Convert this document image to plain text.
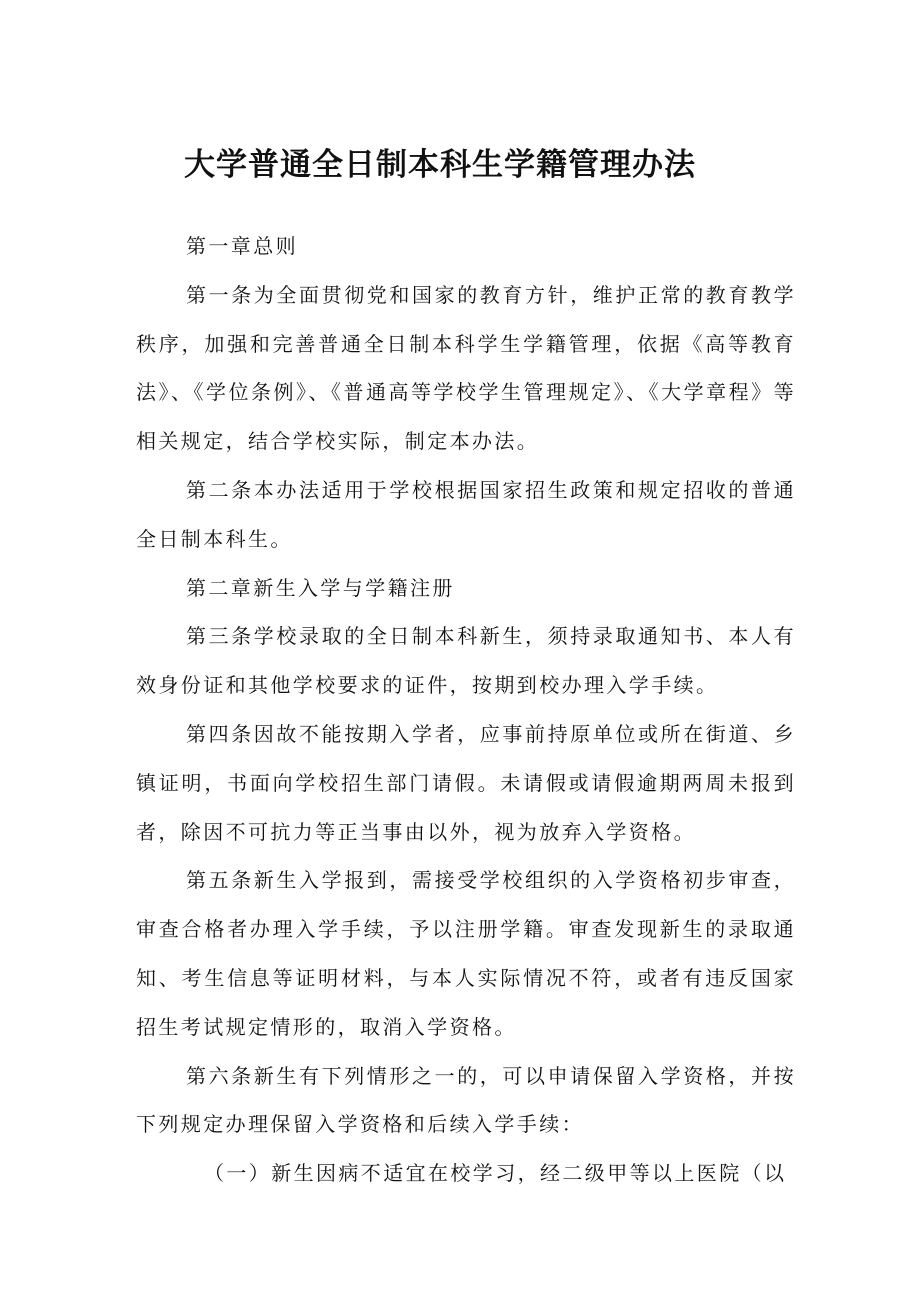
大学普通全日制本科生学籍管理办法

第一章总则

第一条为全面贯彻党和国家的教育方针，维护正常的教育教学秩序，加强和完善普通全日制本科学生学籍管理，依据《高等教育法》、《学位条例》、《普通高等学校学生管理规定》、《大学章程》等相关规定，结合学校实际，制定本办法。

第二条本办法适用于学校根据国家招生政策和规定招收的普通全日制本科生。

第二章新生入学与学籍注册

第三条学校录取的全日制本科新生，须持录取通知书、本人有效身份证和其他学校要求的证件，按期到校办理入学手续。

第四条因故不能按期入学者，应事前持原单位或所在街道、乡镇证明，书面向学校招生部门请假。未请假或请假逾期两周未报到者，除因不可抗力等正当事由以外，视为放弃入学资格。

第五条新生入学报到，需接受学校组织的入学资格初步审查，审查合格者办理入学手续，予以注册学籍。审查发现新生的录取通知、考生信息等证明材料，与本人实际情况不符，或者有违反国家招生考试规定情形的，取消入学资格。

第六条新生有下列情形之一的，可以申请保留入学资格，并按下列规定办理保留入学资格和后续入学手续：

（一）新生因病不适宜在校学习，经二级甲等以上医院（以
